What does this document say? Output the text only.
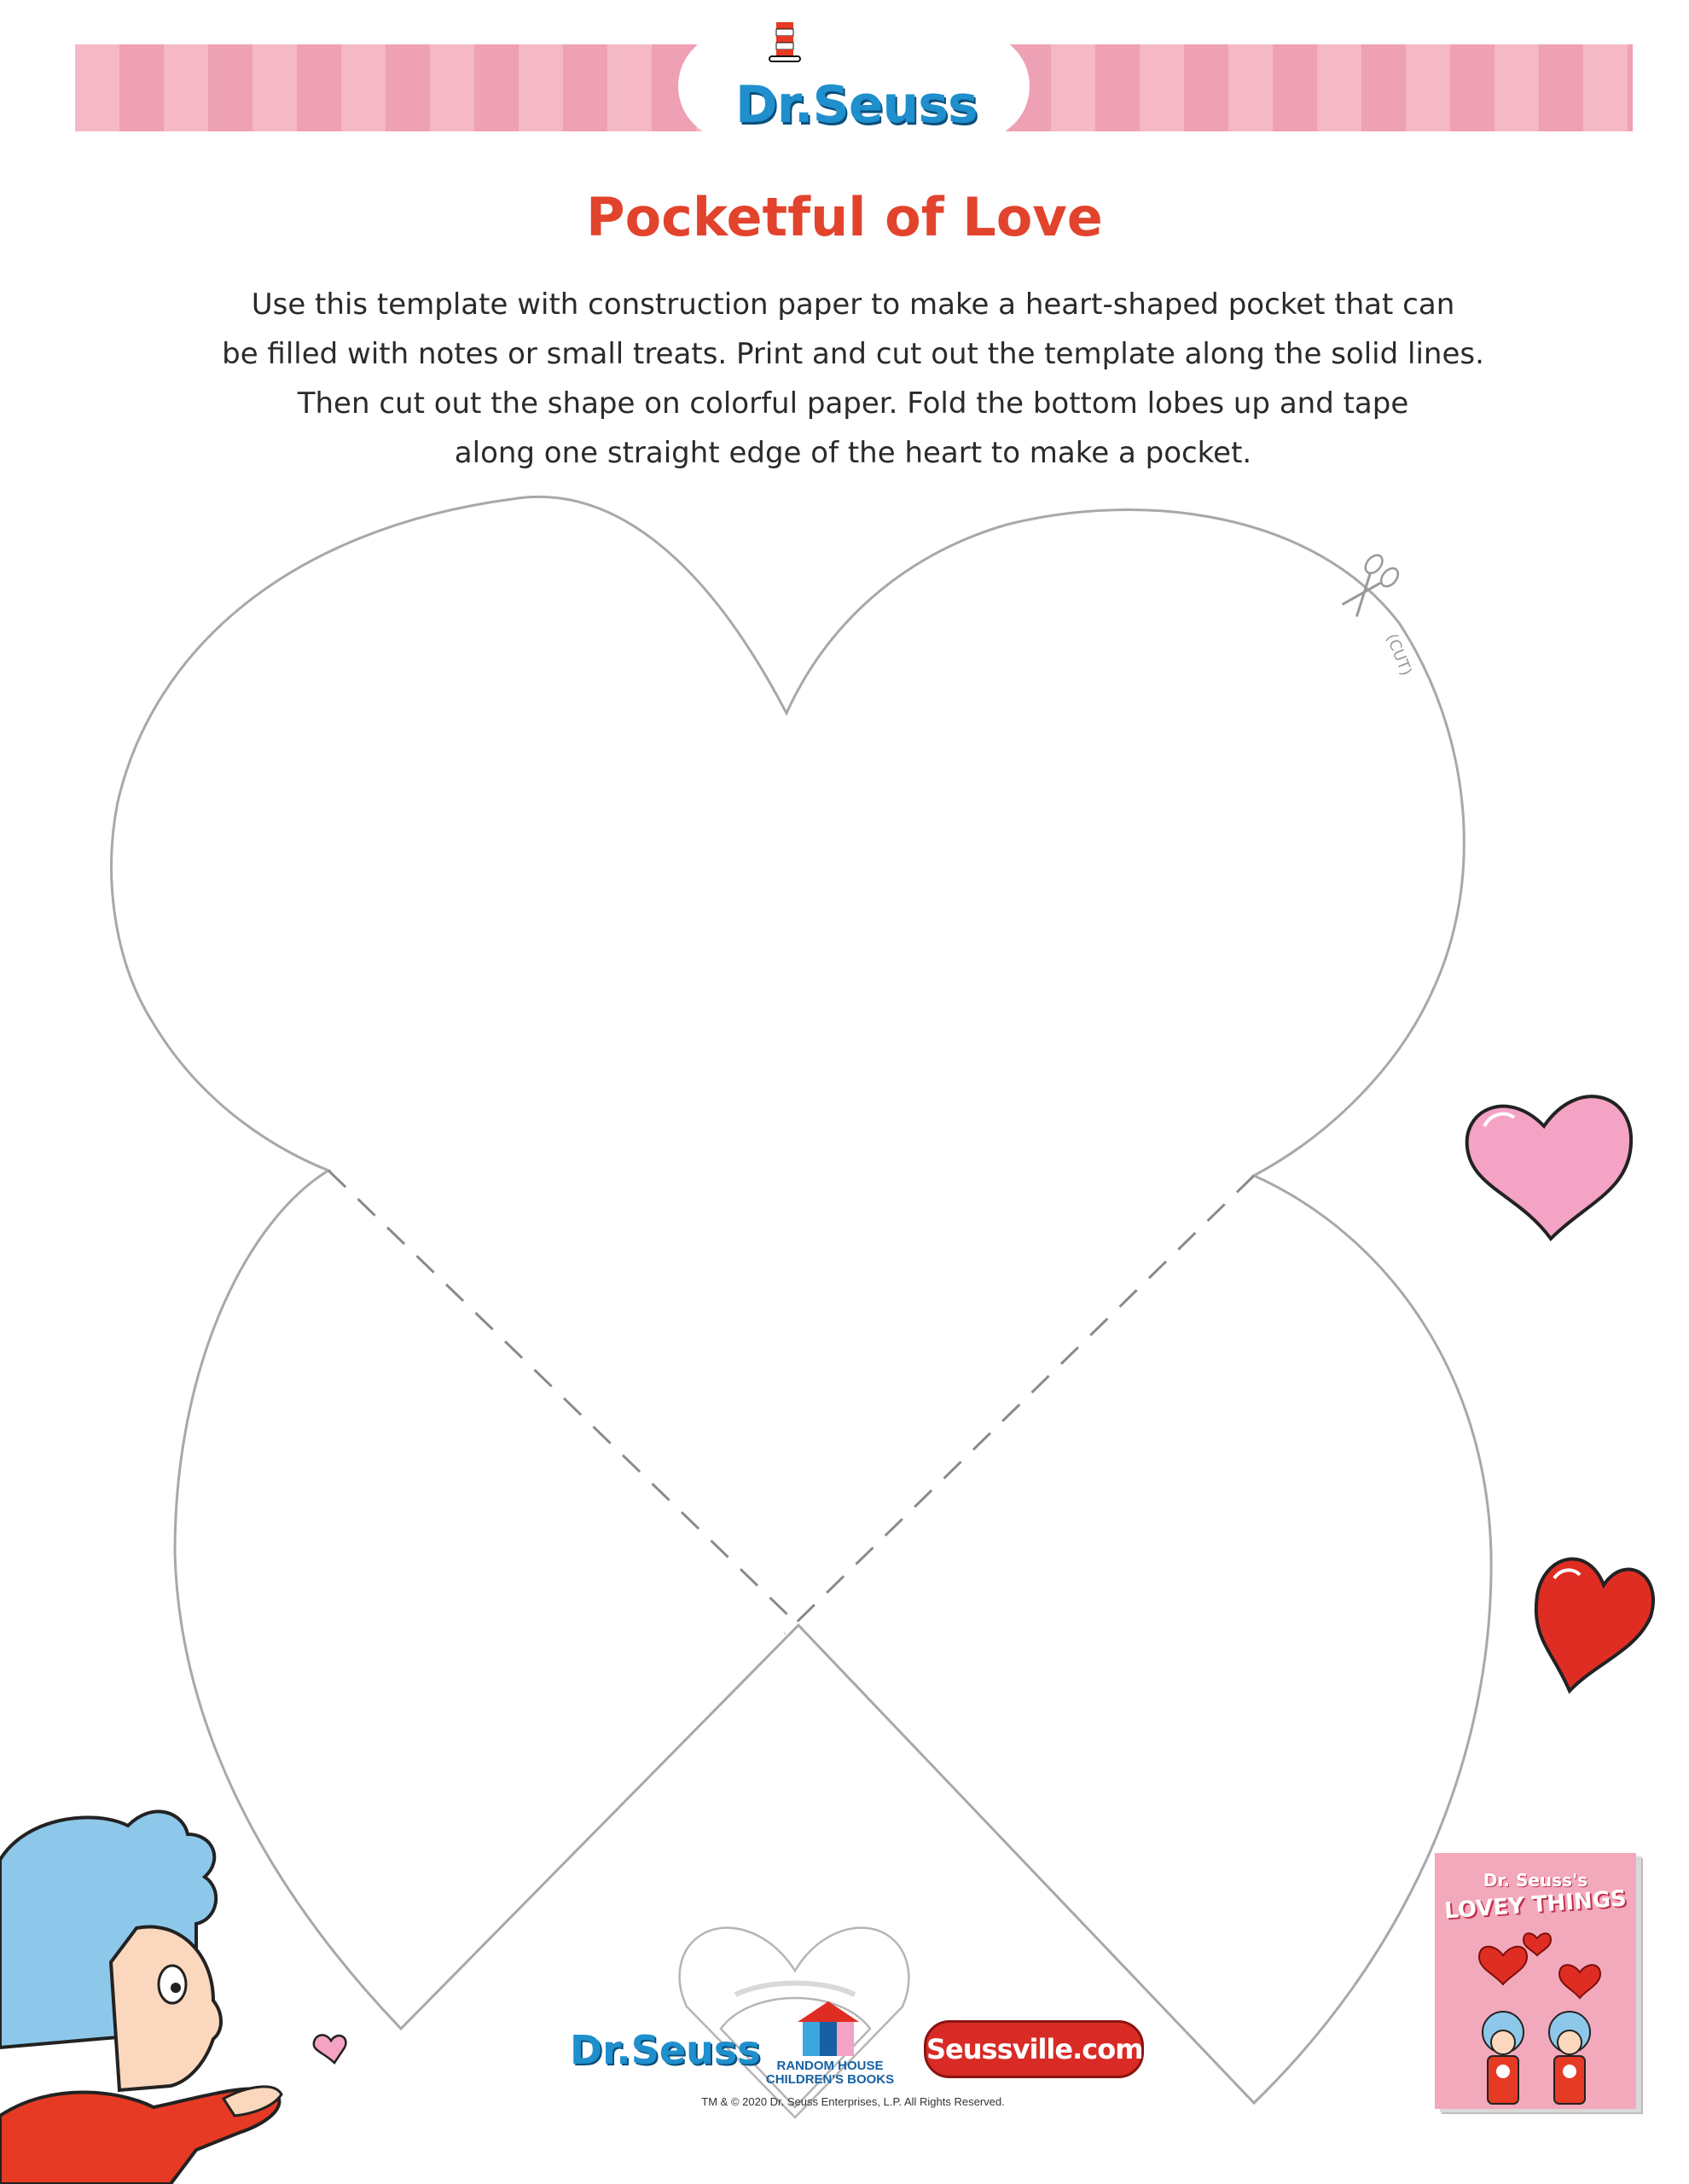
Dr.Seuss
Pocketful of Love
Use this template with construction paper to make a heart-shaped pocket that can
be filled with notes or small treats. Print and cut out the template along the solid lines.
Then cut out the shape on colorful paper. Fold the bottom lobes up and tape
along one straight edge of the heart to make a pocket.
(CUT)
Dr.Seuss	RANDOM HOUSE
CHILDREN'S BOOKS
Seussville.com
TM & © 2020 Dr. Seuss Enterprises, L.P. All Rights Reserved.
Dr. Seuss's
LOVEY THINGS
